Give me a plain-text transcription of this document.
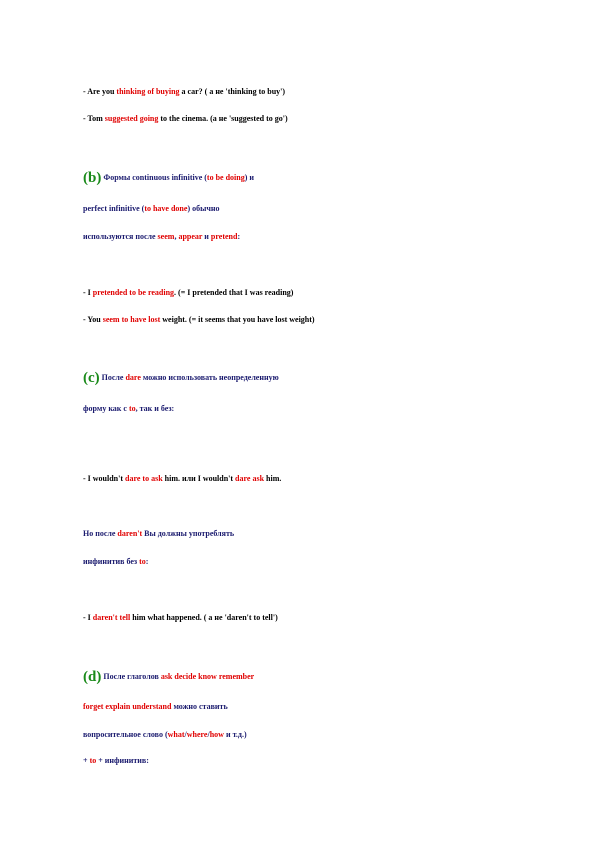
- Are you thinking of buying a car? ( a не 'thinking to buy')
- Tom suggested going to the cinema. (а не 'suggested to go')
(b) Формы continuous infinitive (to be doing) и
perfect infinitive (to have done) обычно
используются после seem, appear и pretend:
- I pretended to be reading. (= I pretended that I was reading)
- You seem to have lost weight. (= it seems that you have lost weight)
(c) После dare можно использовать неопределенную
форму как с to, так и без:
- I wouldn't dare to ask him. или I wouldn't dare ask him.
Но после daren't Вы должны употреблять
инфинитив без to:
- I daren't tell him what happened. ( а не 'daren't to tell')
(d) После глаголов ask decide know remember
forget explain understand можно ставить
вопросительное слово (what/where/how и т.д.)
+ to + инфинитив:
